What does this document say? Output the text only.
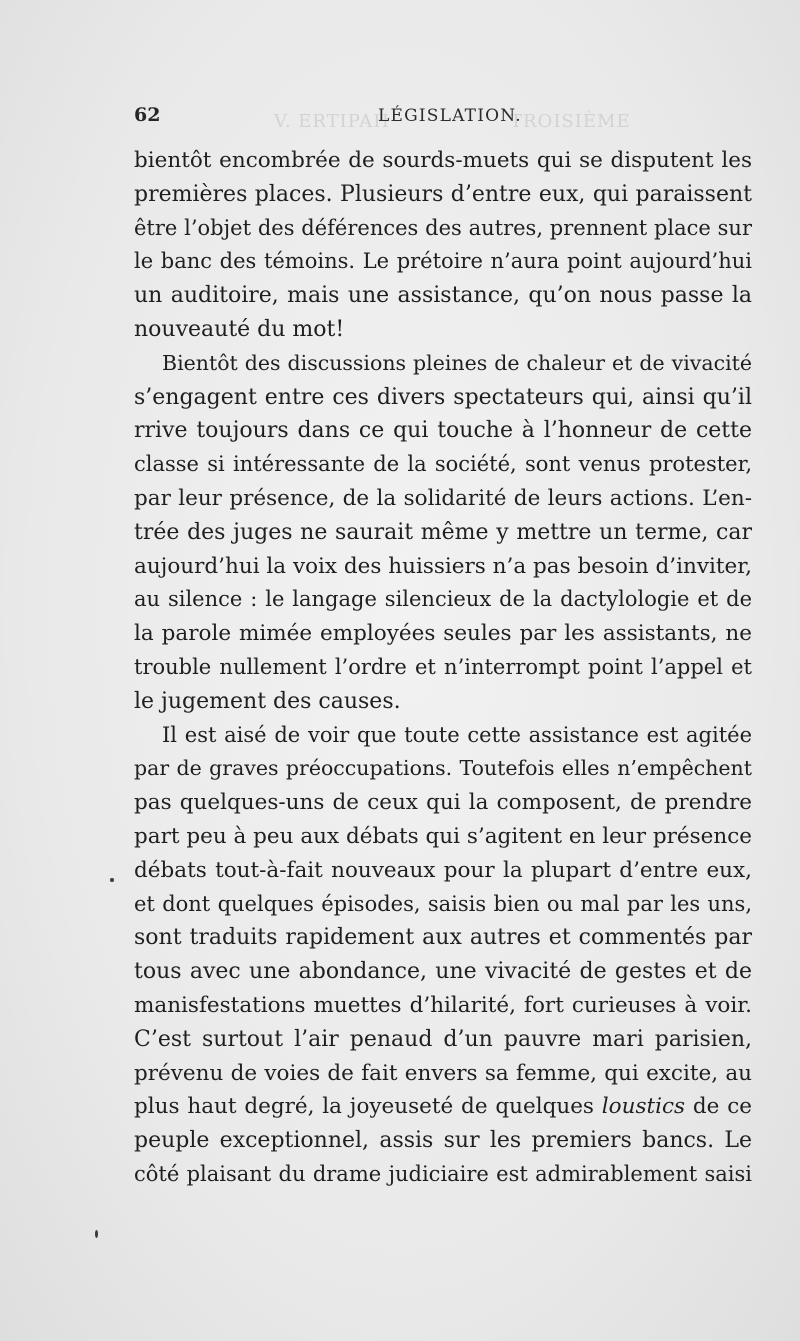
V. ERTIPAH	TROISIÈME
62	LÉGISLATION.
bientôt encombrée de sourds-muets qui se disputent les
premières places. Plusieurs d’entre eux, qui paraissent
être l’objet des déférences des autres, prennent place sur
le banc des témoins. Le prétoire n’aura point aujourd’hui
un auditoire, mais une assistance, qu’on nous passe la
nouveauté du mot!
Bientôt des discussions pleines de chaleur et de vivacité
s’engagent entre ces divers spectateurs qui, ainsi qu’il
rrive toujours dans ce qui touche à l’honneur de cette
classe si intéressante de la société, sont venus protester,
par leur présence, de la solidarité de leurs actions. L’en-
trée des juges ne saurait même y mettre un terme, car
aujourd’hui la voix des huissiers n’a pas besoin d’inviter,
au silence : le langage silencieux de la dactylologie et de
la parole mimée employées seules par les assistants, ne
trouble nullement l’ordre et n’interrompt point l’appel et
le jugement des causes.
Il est aisé de voir que toute cette assistance est agitée
par de graves préoccupations. Toutefois elles n’empêchent
pas quelques-uns de ceux qui la composent, de prendre
part peu à peu aux débats qui s’agitent en leur présence
débats tout-à-fait nouveaux pour la plupart d’entre eux,
et dont quelques épisodes, saisis bien ou mal par les uns,
sont traduits rapidement aux autres et commentés par
tous avec une abondance, une vivacité de gestes et de
manisfestations muettes d’hilarité, fort curieuses à voir.
C’est surtout l’air penaud d’un pauvre mari parisien,
prévenu de voies de fait envers sa femme, qui excite, au
plus haut degré, la joyeuseté de quelques loustics de ce
peuple exceptionnel, assis sur les premiers bancs. Le
côté plaisant du drame judiciaire est admirablement saisi
